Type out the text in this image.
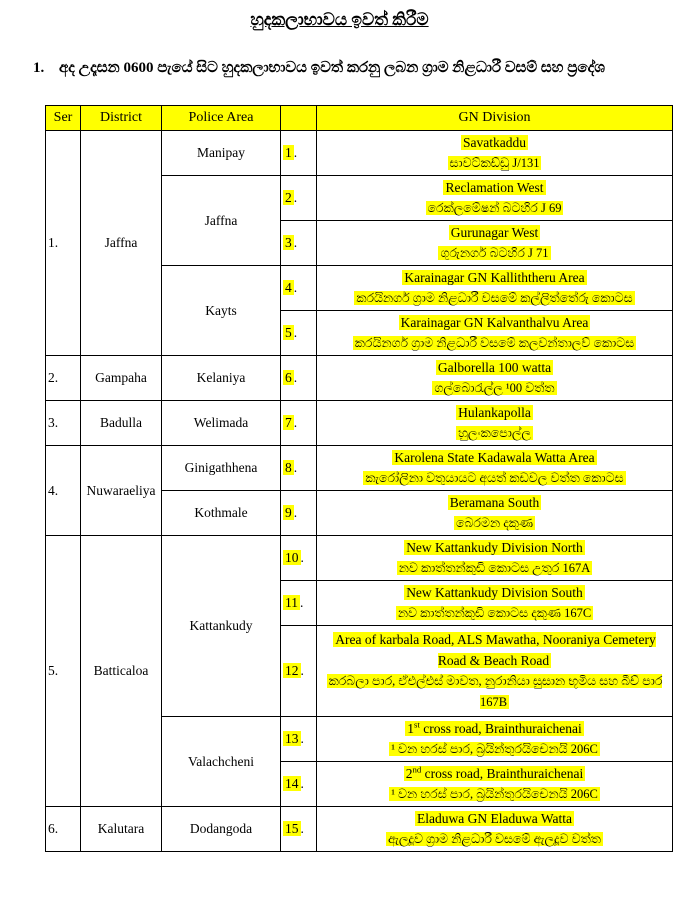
හුදකලාභාවය ඉවත් කිරීම
1. අද උදෑසන 0600 පැයේ සිට හුදකලාභාවය ඉවත් කරනු ලබන ග්‍රාම නිළධාරී වසම් සහ ප්‍රදේශ
Ser	District	Police Area		GN Division
1.	Jaffna	Manipay	1 .	Savatkaddu
සාවට්කඩ්ඩු J/131

		Jaffna	2 .	Reclamation West
රෙක්ලමේෂන් බටහිර J 69

			3 .	Gurunagar West
ගුරුනගර් බටහිර J 71

		Kayts	4 .	Karainagar GN Kalliththeru Area
කරයිනගර් ග්‍රාම නිළධාරී වසමේ කල්ලිත්තේරු කොටස

			5 .	Karainagar GN Kalvanthalvu Area
කරයිනගර් ග්‍රාම නිළධාරී වසමේ කලවන්තාලව් කොටස

2.	Gampaha	Kelaniya	6 .	Galborella 100 watta
ගල්බොරැල්ල ¹00 වත්ත

3.	Badulla	Welimada	7 .	Hulankapolla
හුලංකපොල්ල

4.	Nuwaraeliya	Ginigathhena	8 .	Karolena State Kadawala Watta Area
කැරෝලිනා වතුයායට අයත් කඩවල වත්ත කොටස

		Kothmale	9 .	Beramana South
බෙරමන දකුණ

5.	Batticaloa	Kattankudy	10 .	New Kattankudy Division North
නව කාත්තන්කුඩි කොටස උතුර 167A

			11 .	New Kattankudy Division South
නව කාත්තන්කුඩි කොටස දකුණ 167C

			12 .	Area of karbala Road, ALS Mawatha, Nooraniya Cemetery Road & Beach Road
කරබලා පාර, ඒඑල්එස් මාවත, නුරානියා සුසාන භූමිය සහ බීච් පාර 167B

		Valachcheni	13 .	1st cross road, Brainthuraichenai
¹ වන හරස් පාර, බ්‍රයින්තුරයිචෙනයි 206C

			14 .	2nd cross road, Brainthuraichenai
¹ වන හරස් පාර, බ්‍රයින්තුරයිචෙනයි 206C

6.	Kalutara	Dodangoda	15 .	Eladuwa GN Eladuwa Watta
ඇලදූව ග්‍රාම නිළධාරී වසමේ ඇලදූව වත්ත
